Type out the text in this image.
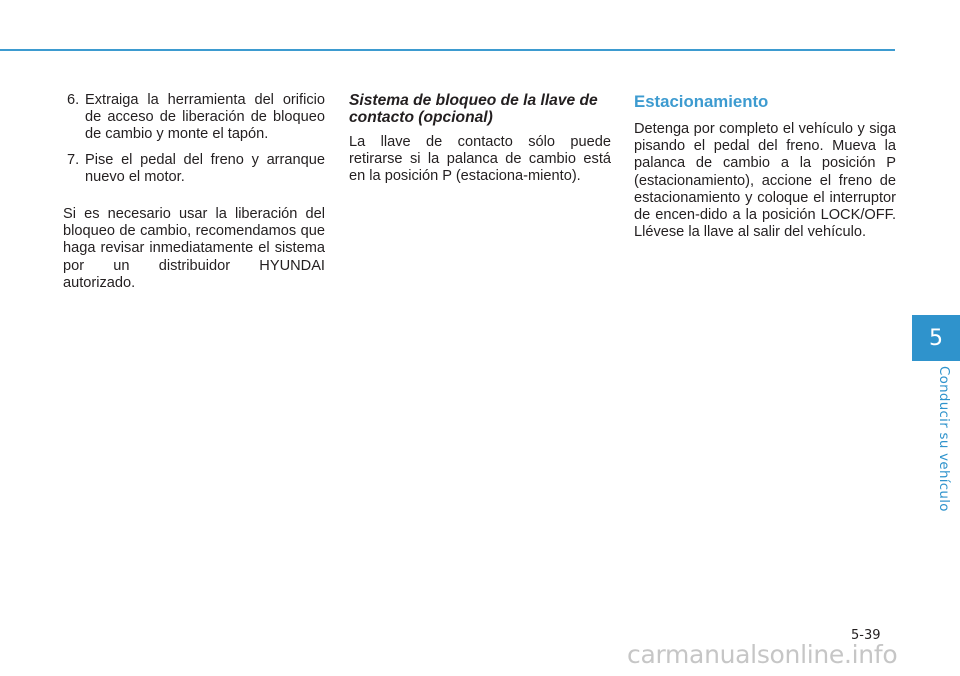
6. Extraiga la herramienta del orificio de acceso de liberación de bloqueo de cambio y monte el tapón.
7. Pise el pedal del freno y arranque nuevo el motor.

Si es necesario usar la liberación del bloqueo de cambio, recomendamos que haga revisar inmediatamente el sistema por un distribuidor HYUNDAI autorizado.

Sistema de bloqueo de la llave de contacto (opcional)

La llave de contacto sólo puede retirarse si la palanca de cambio está en la posición P (estaciona-miento).

Estacionamiento

Detenga por completo el vehículo y siga pisando el pedal del freno. Mueva la palanca de cambio a la posición P (estacionamiento), accione el freno de estacionamiento y coloque el interruptor de encen-dido a la posición LOCK/OFF. Llévese la llave al salir del vehículo.

5
Conducir su vehículo
5-39
carmanualsonline.info
